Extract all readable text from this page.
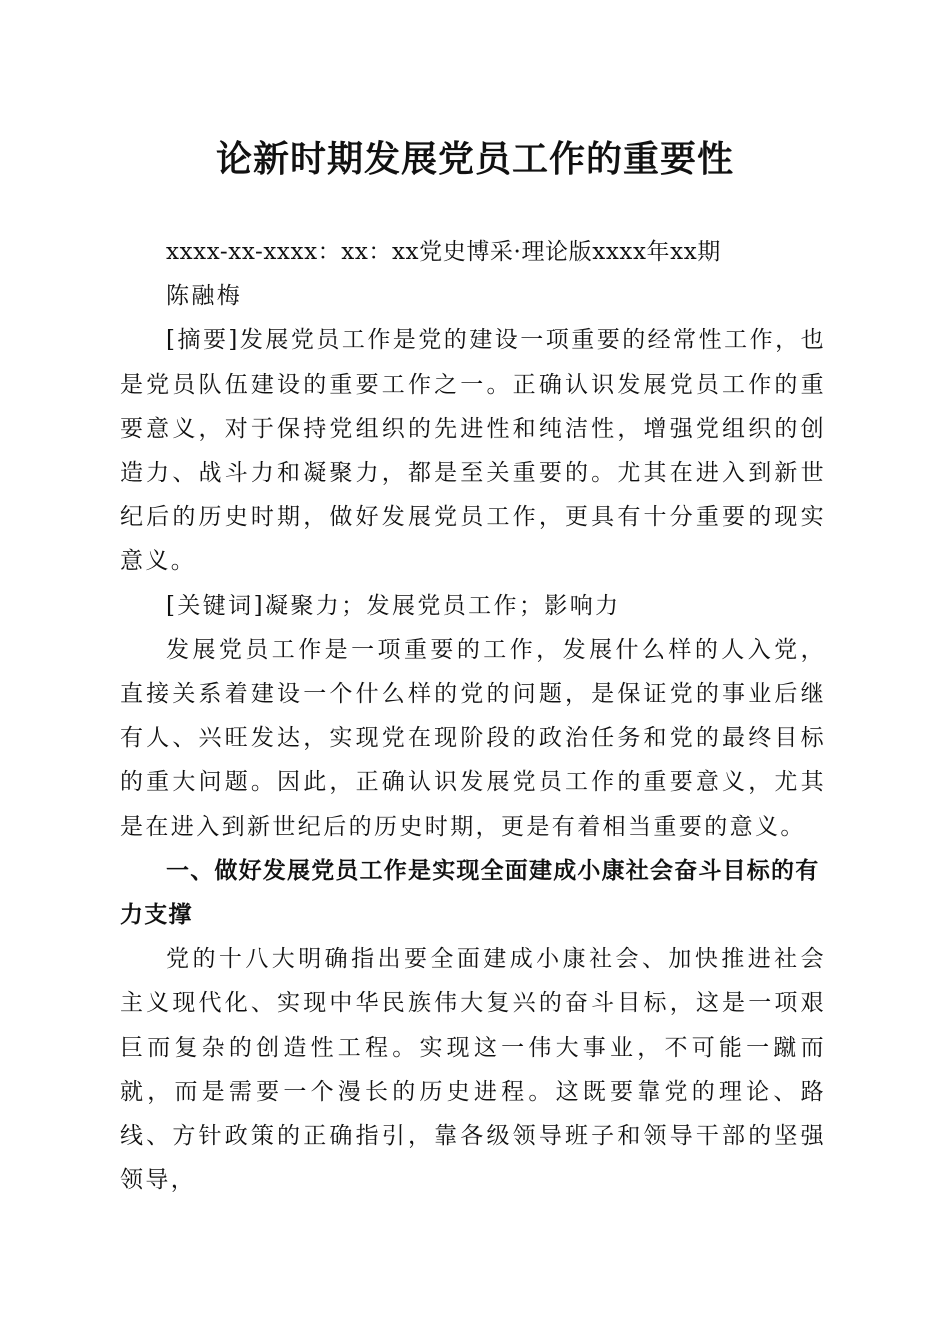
论新时期发展党员工作的重要性

xxxx-xx-xxxx：xx：xx党史博采·理论版xxxx年xx期

陈融梅

[摘要]发展党员工作是党的建设一项重要的经常性工作，也是党员队伍建设的重要工作之一。正确认识发展党员工作的重要意义，对于保持党组织的先进性和纯洁性，增强党组织的创造力、战斗力和凝聚力，都是至关重要的。尤其在进入到新世纪后的历史时期，做好发展党员工作，更具有十分重要的现实意义。

[关键词]凝聚力；发展党员工作；影响力

发展党员工作是一项重要的工作，发展什么样的人入党，直接关系着建设一个什么样的党的问题，是保证党的事业后继有人、兴旺发达，实现党在现阶段的政治任务和党的最终目标的重大问题。因此，正确认识发展党员工作的重要意义，尤其是在进入到新世纪后的历史时期，更是有着相当重要的意义。

一、做好发展党员工作是实现全面建成小康社会奋斗目标的有力支撑

党的十八大明确指出要全面建成小康社会、加快推进社会主义现代化、实现中华民族伟大复兴的奋斗目标，这是一项艰巨而复杂的创造性工程。实现这一伟大事业，不可能一蹴而就，而是需要一个漫长的历史进程。这既要靠党的理论、路线、方针政策的正确指引，靠各级领导班子和领导干部的坚强领导，
